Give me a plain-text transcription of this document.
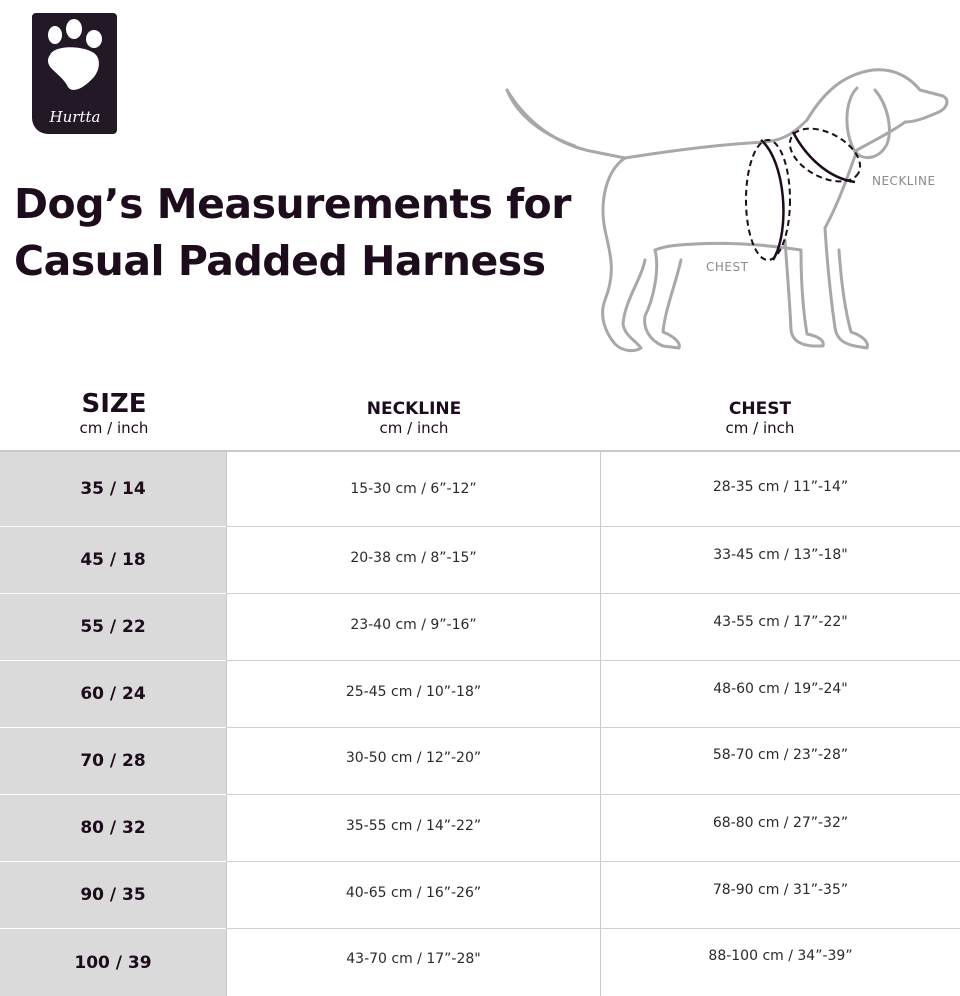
Hurtta
Dog’s Measurements for
Casual Padded Harness
NECKLINE
CHEST
SIZE
cm / inch
NECKLINE
cm / inch
CHEST
cm / inch
35 / 14	15-30 cm / 6”-12”	28-35 cm / 11”-14”
45 / 18	20-38 cm / 8”-15”	33-45 cm / 13”-18"
55 / 22	23-40 cm / 9”-16”	43-55 cm / 17”-22"
60 / 24	25-45 cm / 10”-18”	48-60 cm / 19”-24"
70 / 28	30-50 cm / 12”-20”	58-70 cm / 23”-28”
80 / 32	35-55 cm / 14”-22”	68-80 cm / 27”-32”
90 / 35	40-65 cm / 16”-26”	78-90 cm / 31”-35”
100 / 39	43-70 cm / 17”-28"	88-100 cm / 34”-39”
